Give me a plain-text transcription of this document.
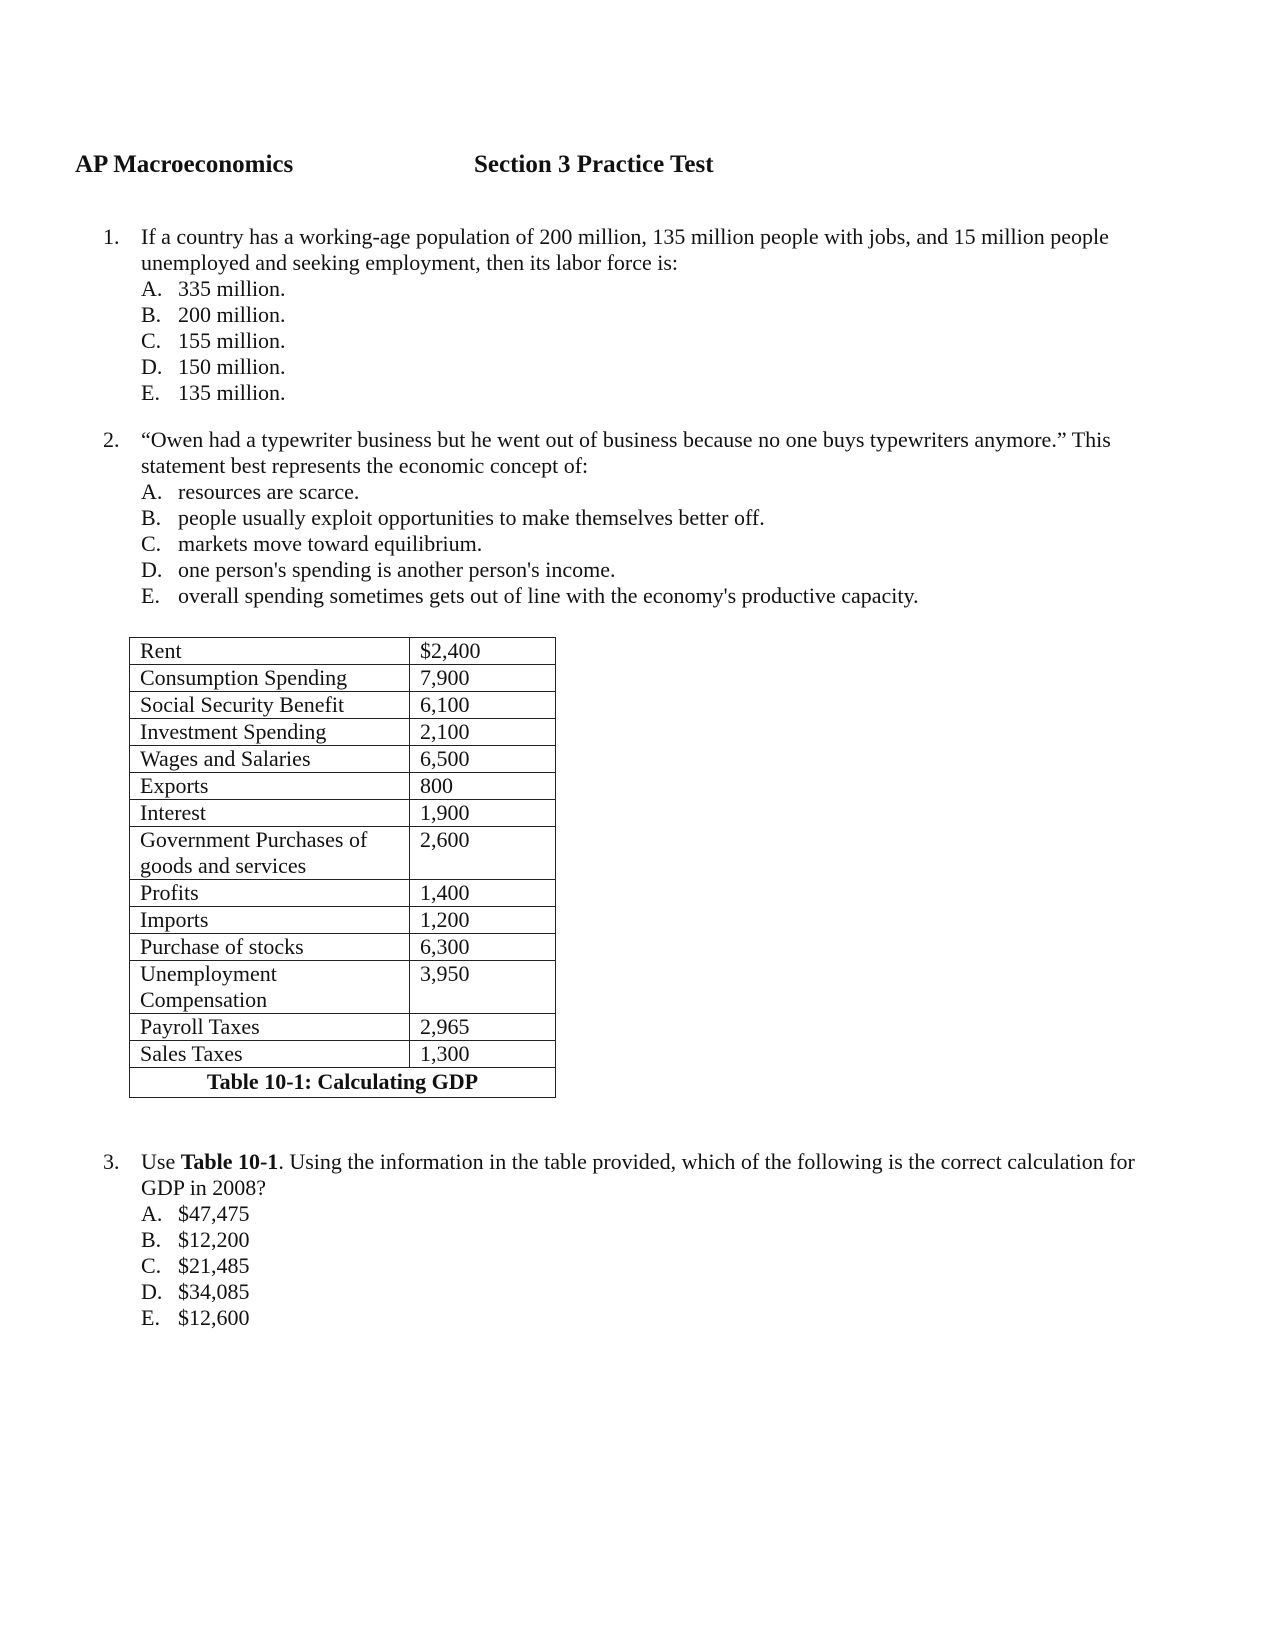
AP Macroeconomics	Section 3 Practice Test
1. If a country has a working-age population of 200 million, 135 million people with jobs, and 15 million people unemployed and seeking employment, then its labor force is:
A. 335 million.
B. 200 million.
C. 155 million.
D. 150 million.
E. 135 million.
2. “Owen had a typewriter business but he went out of business because no one buys typewriters anymore.” This statement best represents the economic concept of:
A. resources are scarce.
B. people usually exploit opportunities to make themselves better off.
C. markets move toward equilibrium.
D. one person's spending is another person's income.
E. overall spending sometimes gets out of line with the economy's productive capacity.
Rent	$2,400
Consumption Spending	7,900
Social Security Benefit	6,100
Investment Spending	2,100
Wages and Salaries	6,500
Exports	800
Interest	1,900
Government Purchases of goods and services	2,600
Profits	1,400
Imports	1,200
Purchase of stocks	6,300
Unemployment Compensation	3,950
Payroll Taxes	2,965
Sales Taxes	1,300
Table 10-1: Calculating GDP	
3. Use Table 10-1. Using the information in the table provided, which of the following is the correct calculation for GDP in 2008?
A. $47,475
B. $12,200
C. $21,485
D. $34,085
E. $12,600
